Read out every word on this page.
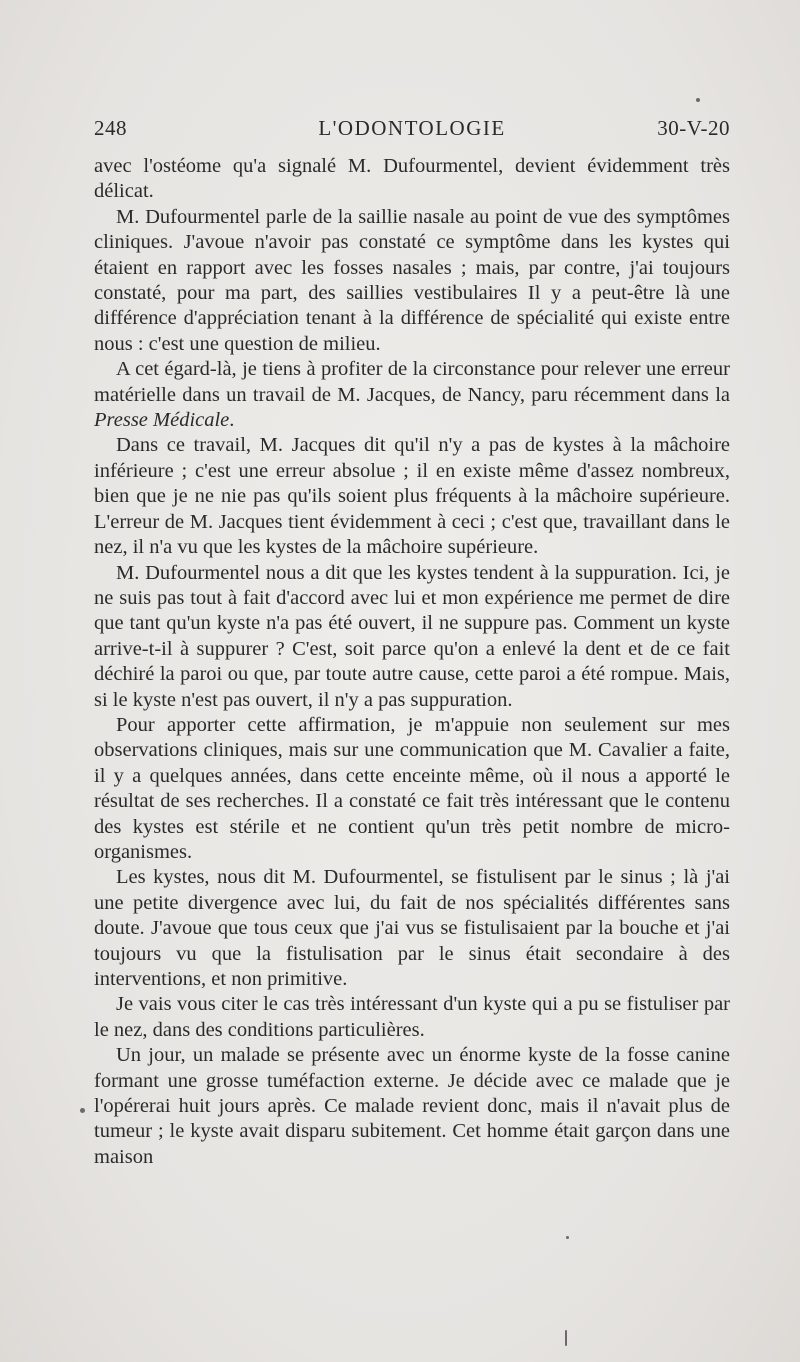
248	L'ODONTOLOGIE	30-V-20

avec l'ostéome qu'a signalé M. Dufourmentel, devient évidemment très délicat.

M. Dufourmentel parle de la saillie nasale au point de vue des symptômes cliniques. J'avoue n'avoir pas constaté ce symptôme dans les kystes qui étaient en rapport avec les fosses nasales ; mais, par contre, j'ai toujours constaté, pour ma part, des saillies vestibulaires Il y a peut-être là une différence d'appréciation tenant à la différence de spécialité qui existe entre nous : c'est une question de milieu.

A cet égard-là, je tiens à profiter de la circonstance pour relever une erreur matérielle dans un travail de M. Jacques, de Nancy, paru récemment dans la Presse Médicale.

Dans ce travail, M. Jacques dit qu'il n'y a pas de kystes à la mâchoire inférieure ; c'est une erreur absolue ; il en existe même d'assez nombreux, bien que je ne nie pas qu'ils soient plus fréquents à la mâchoire supérieure. L'erreur de M. Jacques tient évidemment à ceci ; c'est que, travaillant dans le nez, il n'a vu que les kystes de la mâchoire supérieure.

M. Dufourmentel nous a dit que les kystes tendent à la suppuration. Ici, je ne suis pas tout à fait d'accord avec lui et mon expérience me permet de dire que tant qu'un kyste n'a pas été ouvert, il ne suppure pas. Comment un kyste arrive-t-il à suppurer ? C'est, soit parce qu'on a enlevé la dent et de ce fait déchiré la paroi ou que, par toute autre cause, cette paroi a été rompue. Mais, si le kyste n'est pas ouvert, il n'y a pas suppuration.

Pour apporter cette affirmation, je m'appuie non seulement sur mes observations cliniques, mais sur une communication que M. Cavalier a faite, il y a quelques années, dans cette enceinte même, où il nous a apporté le résultat de ses recherches. Il a constaté ce fait très intéressant que le contenu des kystes est stérile et ne contient qu'un très petit nombre de micro-organismes.

Les kystes, nous dit M. Dufourmentel, se fistulisent par le sinus ; là j'ai une petite divergence avec lui, du fait de nos spécialités différentes sans doute. J'avoue que tous ceux que j'ai vus se fistulisaient par la bouche et j'ai toujours vu que la fistulisation par le sinus était secondaire à des interventions, et non primitive.

Je vais vous citer le cas très intéressant d'un kyste qui a pu se fistuliser par le nez, dans des conditions particulières.

Un jour, un malade se présente avec un énorme kyste de la fosse canine formant une grosse tuméfaction externe. Je décide avec ce malade que je l'opérerai huit jours après. Ce malade revient donc, mais il n'avait plus de tumeur ; le kyste avait disparu subitement. Cet homme était garçon dans une maison
